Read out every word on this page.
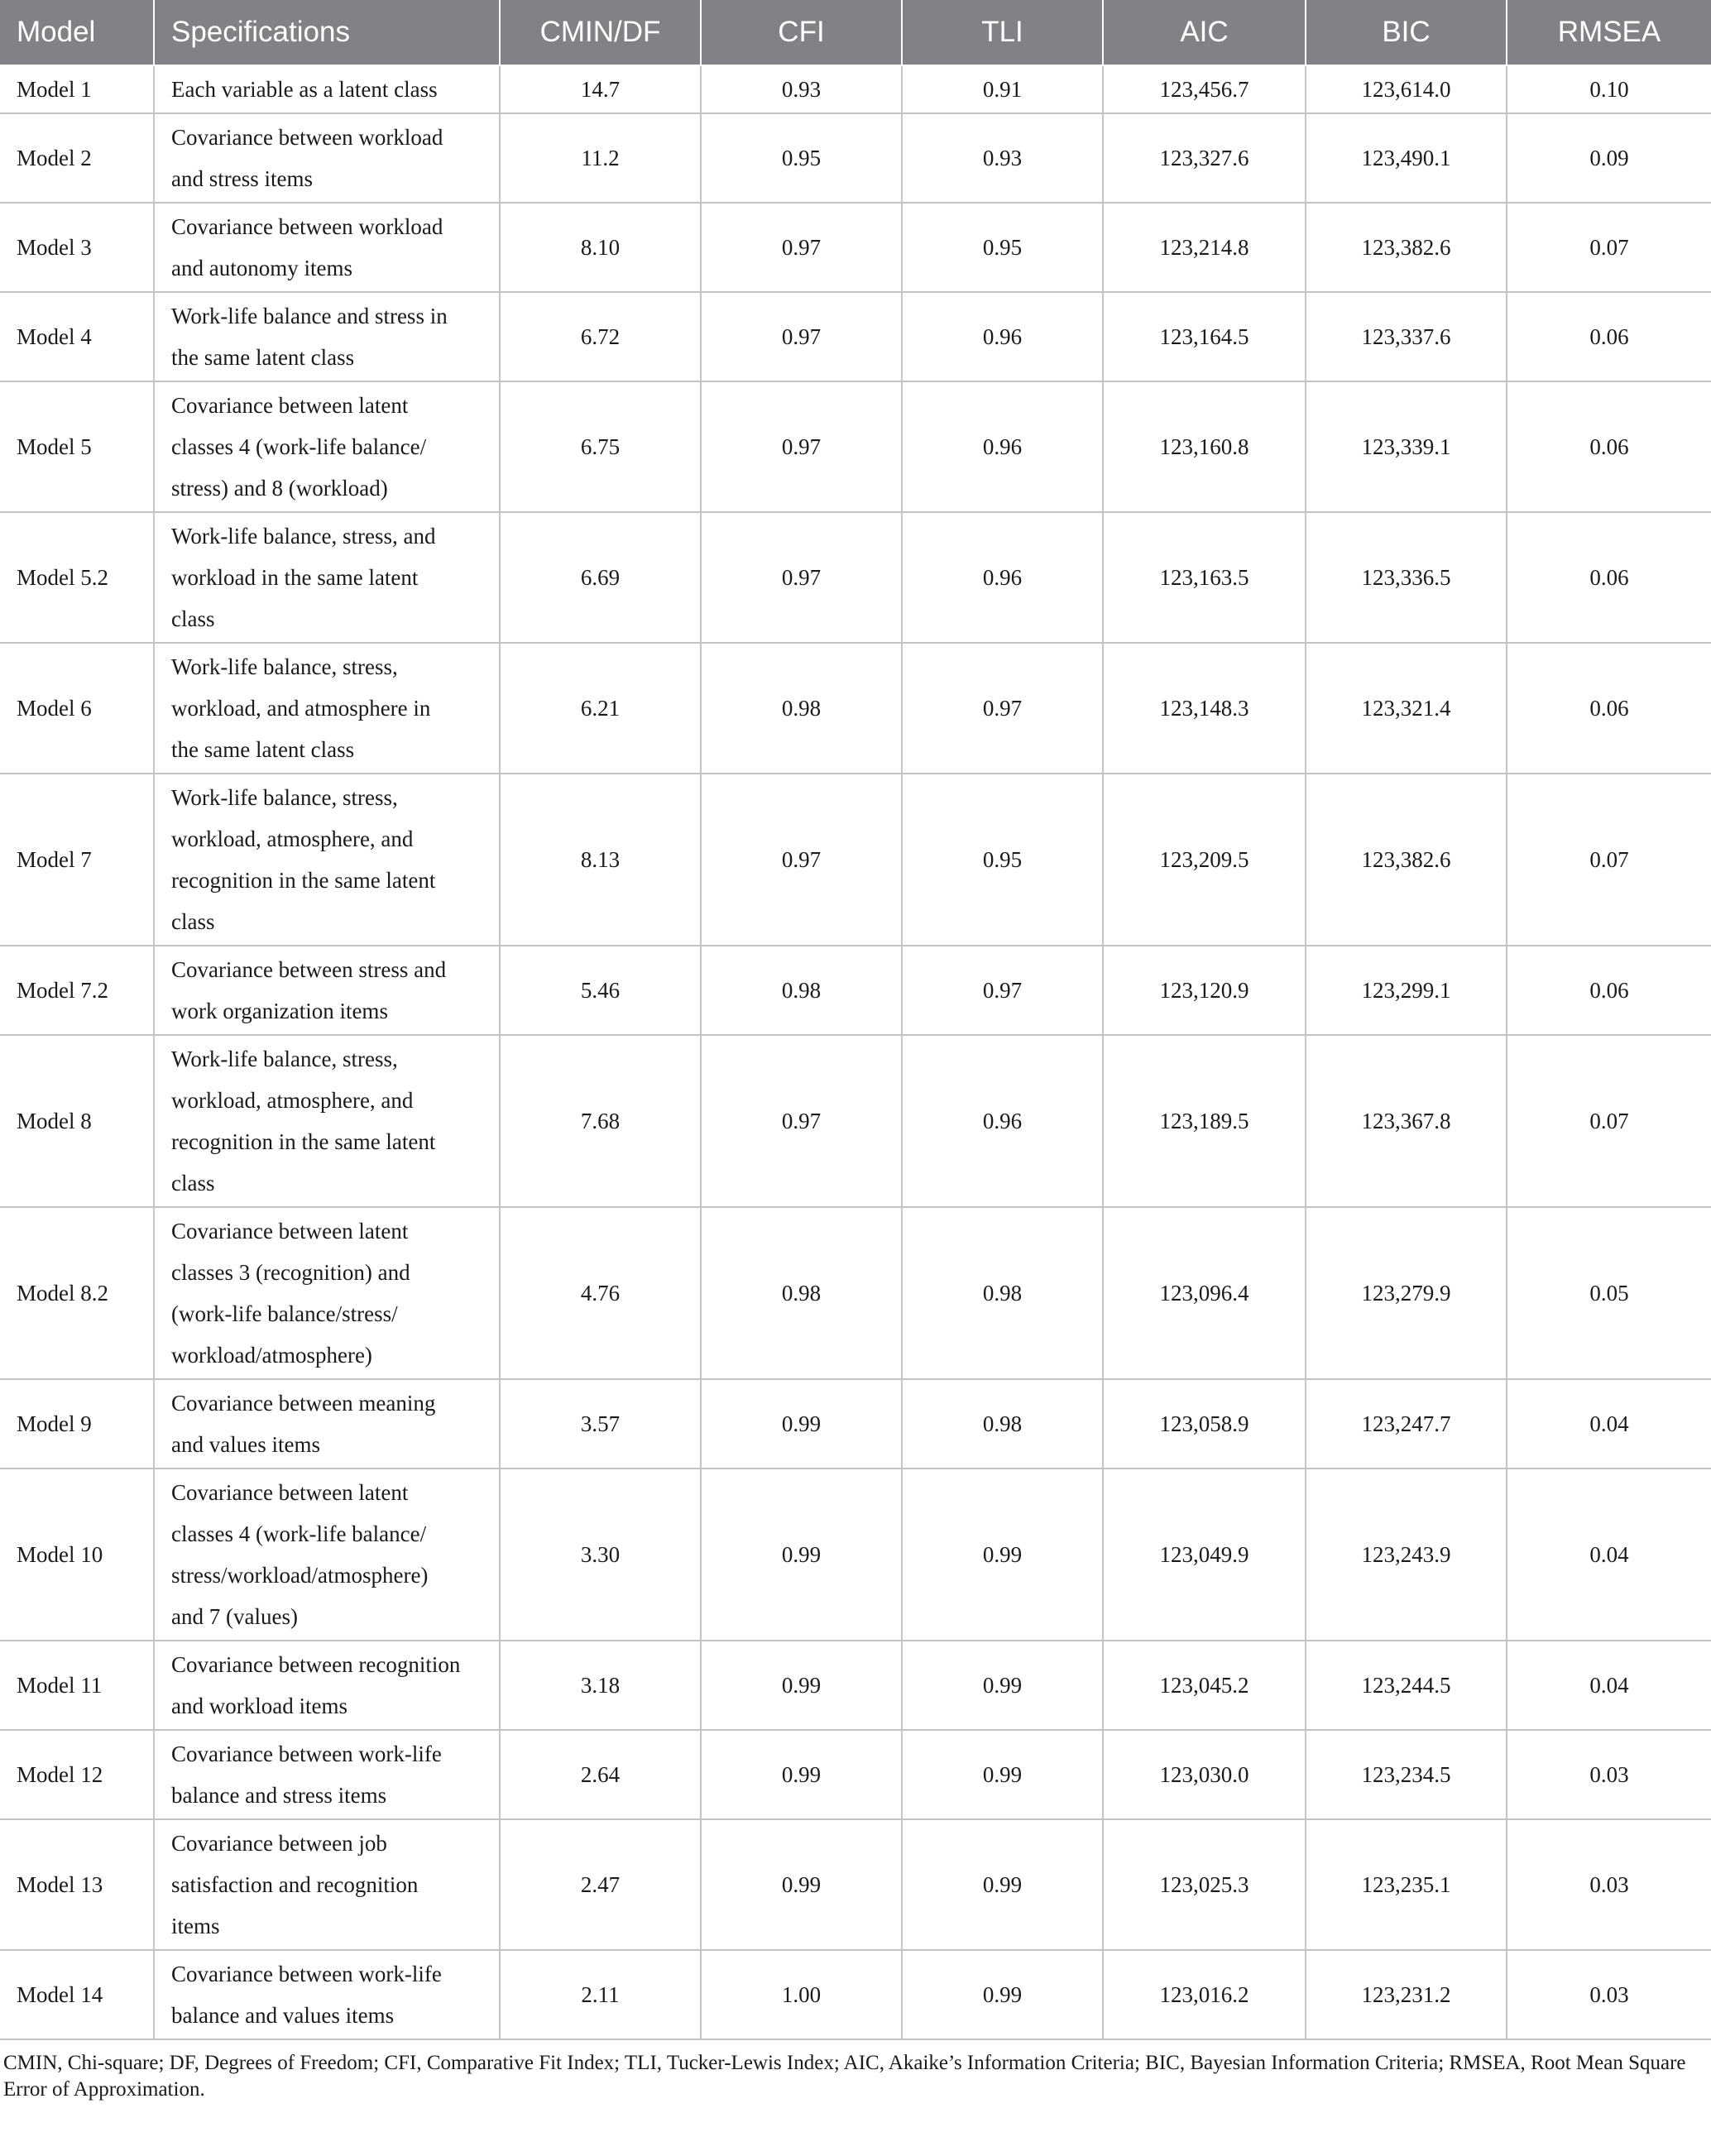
Model	Specifications	CMIN/DF	CFI	TLI	AIC	BIC	RMSEA
Model 1	Each variable as a latent class	14.7	0.93	0.91	123,456.7	123,614.0	0.10
Model 2	Covariance between workload
and stress items	11.2	0.95	0.93	123,327.6	123,490.1	0.09
Model 3	Covariance between workload
and autonomy items	8.10	0.97	0.95	123,214.8	123,382.6	0.07
Model 4	Work-life balance and stress in
the same latent class	6.72	0.97	0.96	123,164.5	123,337.6	0.06
Model 5	Covariance between latent
classes 4 (work-life balance/
stress) and 8 (workload)	6.75	0.97	0.96	123,160.8	123,339.1	0.06
Model 5.2	Work-life balance, stress, and
workload in the same latent
class	6.69	0.97	0.96	123,163.5	123,336.5	0.06
Model 6	Work-life balance, stress,
workload, and atmosphere in
the same latent class	6.21	0.98	0.97	123,148.3	123,321.4	0.06
Model 7	Work-life balance, stress,
workload, atmosphere, and
recognition in the same latent
class	8.13	0.97	0.95	123,209.5	123,382.6	0.07
Model 7.2	Covariance between stress and
work organization items	5.46	0.98	0.97	123,120.9	123,299.1	0.06
Model 8	Work-life balance, stress,
workload, atmosphere, and
recognition in the same latent
class	7.68	0.97	0.96	123,189.5	123,367.8	0.07
Model 8.2	Covariance between latent
classes 3 (recognition) and
(work-life balance/stress/
workload/atmosphere)	4.76	0.98	0.98	123,096.4	123,279.9	0.05
Model 9	Covariance between meaning
and values items	3.57	0.99	0.98	123,058.9	123,247.7	0.04
Model 10	Covariance between latent
classes 4 (work-life balance/
stress/workload/atmosphere)
and 7 (values)	3.30	0.99	0.99	123,049.9	123,243.9	0.04
Model 11	Covariance between recognition
and workload items	3.18	0.99	0.99	123,045.2	123,244.5	0.04
Model 12	Covariance between work-life
balance and stress items	2.64	0.99	0.99	123,030.0	123,234.5	0.03
Model 13	Covariance between job
satisfaction and recognition
items	2.47	0.99	0.99	123,025.3	123,235.1	0.03
Model 14	Covariance between work-life
balance and values items	2.11	1.00	0.99	123,016.2	123,231.2	0.03
CMIN, Chi-square; DF, Degrees of Freedom; CFI, Comparative Fit Index; TLI, Tucker-Lewis Index; AIC, Akaike’s Information Criteria; BIC, Bayesian Information Criteria; RMSEA, Root Mean Square Error of Approximation.
